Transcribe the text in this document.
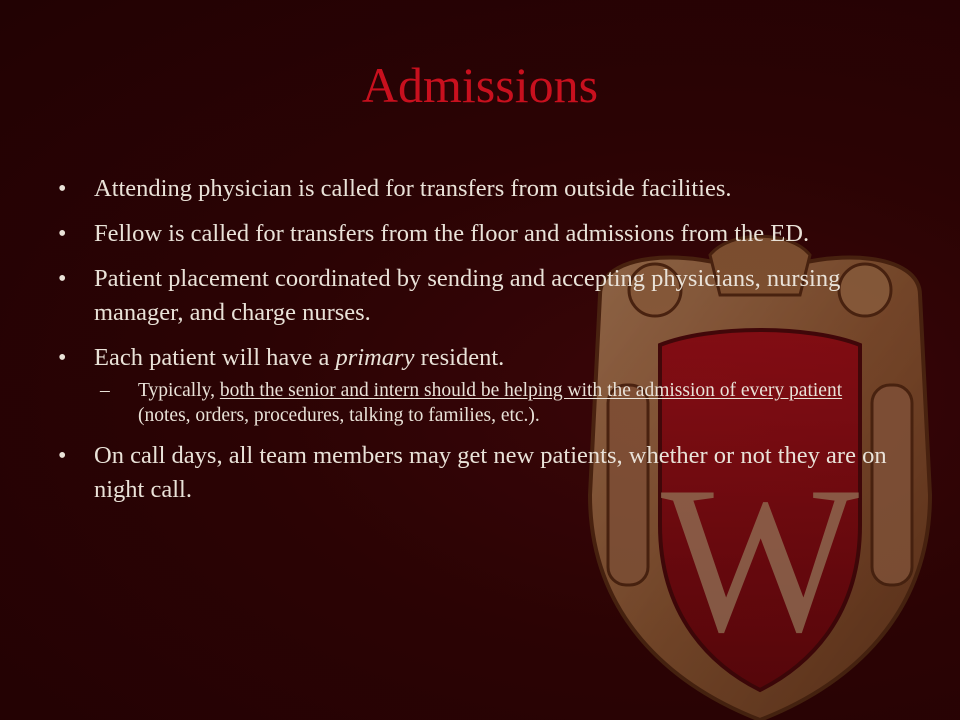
W
Admissions
• Attending physician is called for transfers from outside facilities.
• Fellow is called for transfers from the floor and admissions from the ED.
• Patient placement coordinated by sending and accepting physicians, nursing manager, and charge nurses.
• Each patient will have a primary resident.
– Typically, both the senior and intern should be helping with the admission of every patient (notes, orders, procedures, talking to families, etc.).
• On call days, all team members may get new patients, whether or not they are on night call.
